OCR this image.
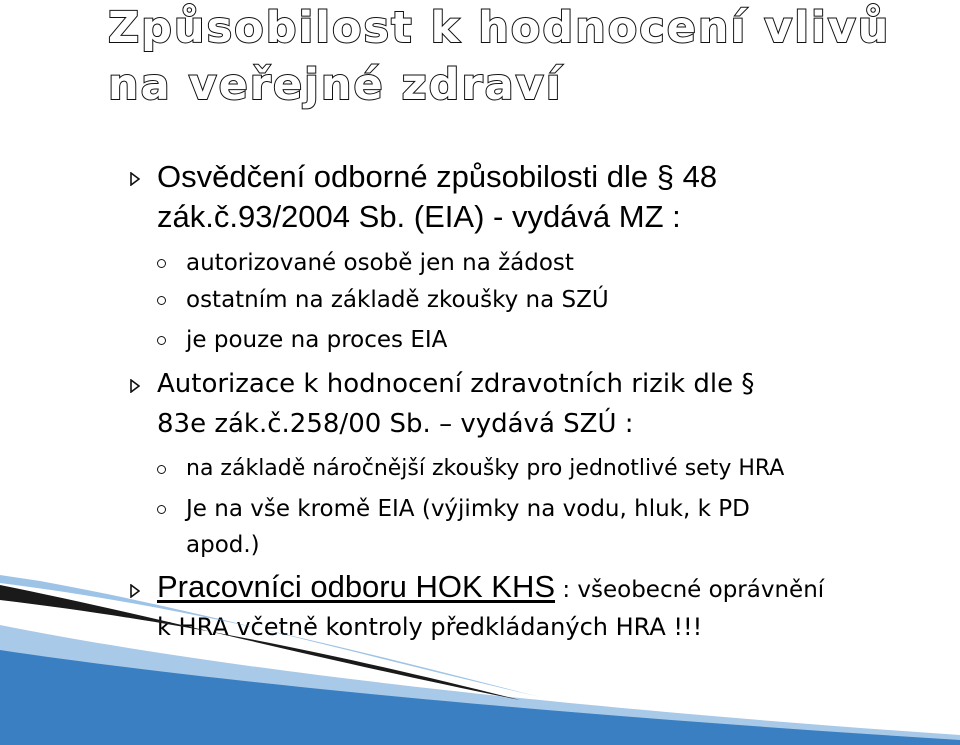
Způsobilost k hodnocení vlivů
na veřejné zdraví

Osvědčení odborné způsobilosti dle § 48

zák.č.93/2004 Sb. (EIA) - vydává MZ :

autorizované osobě jen na žádost

ostatním na základě zkoušky na SZÚ

je pouze na proces EIA

Autorizace k hodnocení zdravotních rizik dle §

83e zák.č.258/00 Sb. – vydává SZÚ :

na základě náročnější zkoušky pro jednotlivé sety HRA

Je na vše kromě EIA (výjimky na vodu, hluk, k PD

apod.)

Pracovníci odboru HOK KHS : všeobecné oprávnění

k HRA včetně kontroly předkládaných HRA !!!
